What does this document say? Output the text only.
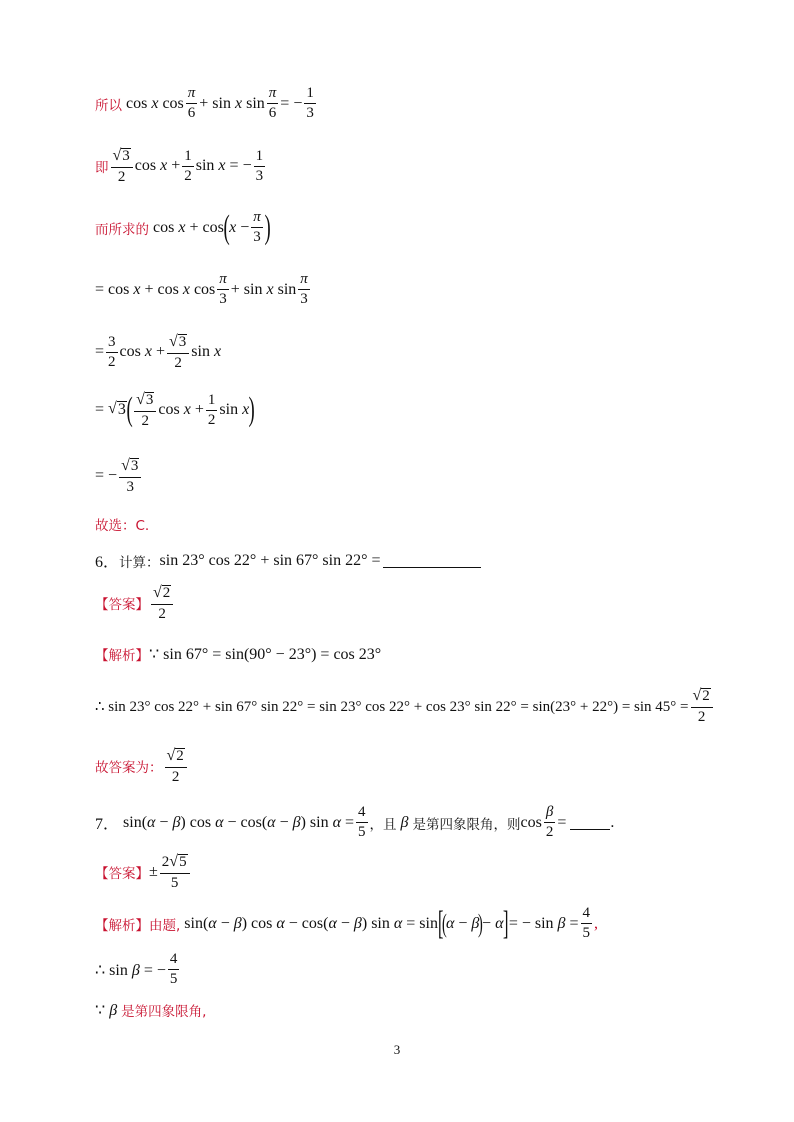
所以 cos x $\cos \frac{\pi}{6} + \sin x$ $\sin \frac{\pi}{6}$ = − $\frac{1}{3}$
即 $\frac{√ 3}{2}$ $\cos x + \frac{1}{2}$ sin x = − $\frac{1}{3}$
而所求的 cos x + cos ( $x - \frac{\pi}{3}$ )
= cos x + cos x $\cos \frac{\pi}{3} + \sin x$ $\sin \frac{\pi}{3}$
= $\frac{3}{2}$ $\cos x + \frac{√ 3}{2}$ sin x
= √ 3 ( $\frac{√ 3}{2}$ $\cos x + \frac{1}{2}$ sin x )
= − $\frac{√ 3}{3}$
故选：C.
6． 计算： sin 23° cos 22° + sin 67° sin 22° =
【答案】 $\frac{√ 2}{2}$
【解析】 ∵ sin 67° = sin(90° − 23°) = cos 23°
∴ sin 23° cos 22° + sin 67° sin 22° = sin 23° cos 22° + cos 23° $\sin 22^\circ = \sin(23^\circ + 22^\circ) = \sin 45^\circ = \frac{√ 2}{2}$
故答案为： $\frac{√ 2}{2}$
7． sin(α − β) cos α − cos(α − β) $\sin \alpha = \frac{4}{5}$ ，且 β 是第四象限角，则 $\cos \frac{\beta}{2}$ =	.
【答案】 ± $\frac{2 √ 5}{5}$
【解析】 由题, sin(α − β) cos α − cos(α − β) sin α = sin [
(
α − β
)
− α ] = − $\sin \beta = \frac{4}{5}$ ,
∴ sin β = − $\frac{4}{5}$
∵ β 是第四象限角,
3
